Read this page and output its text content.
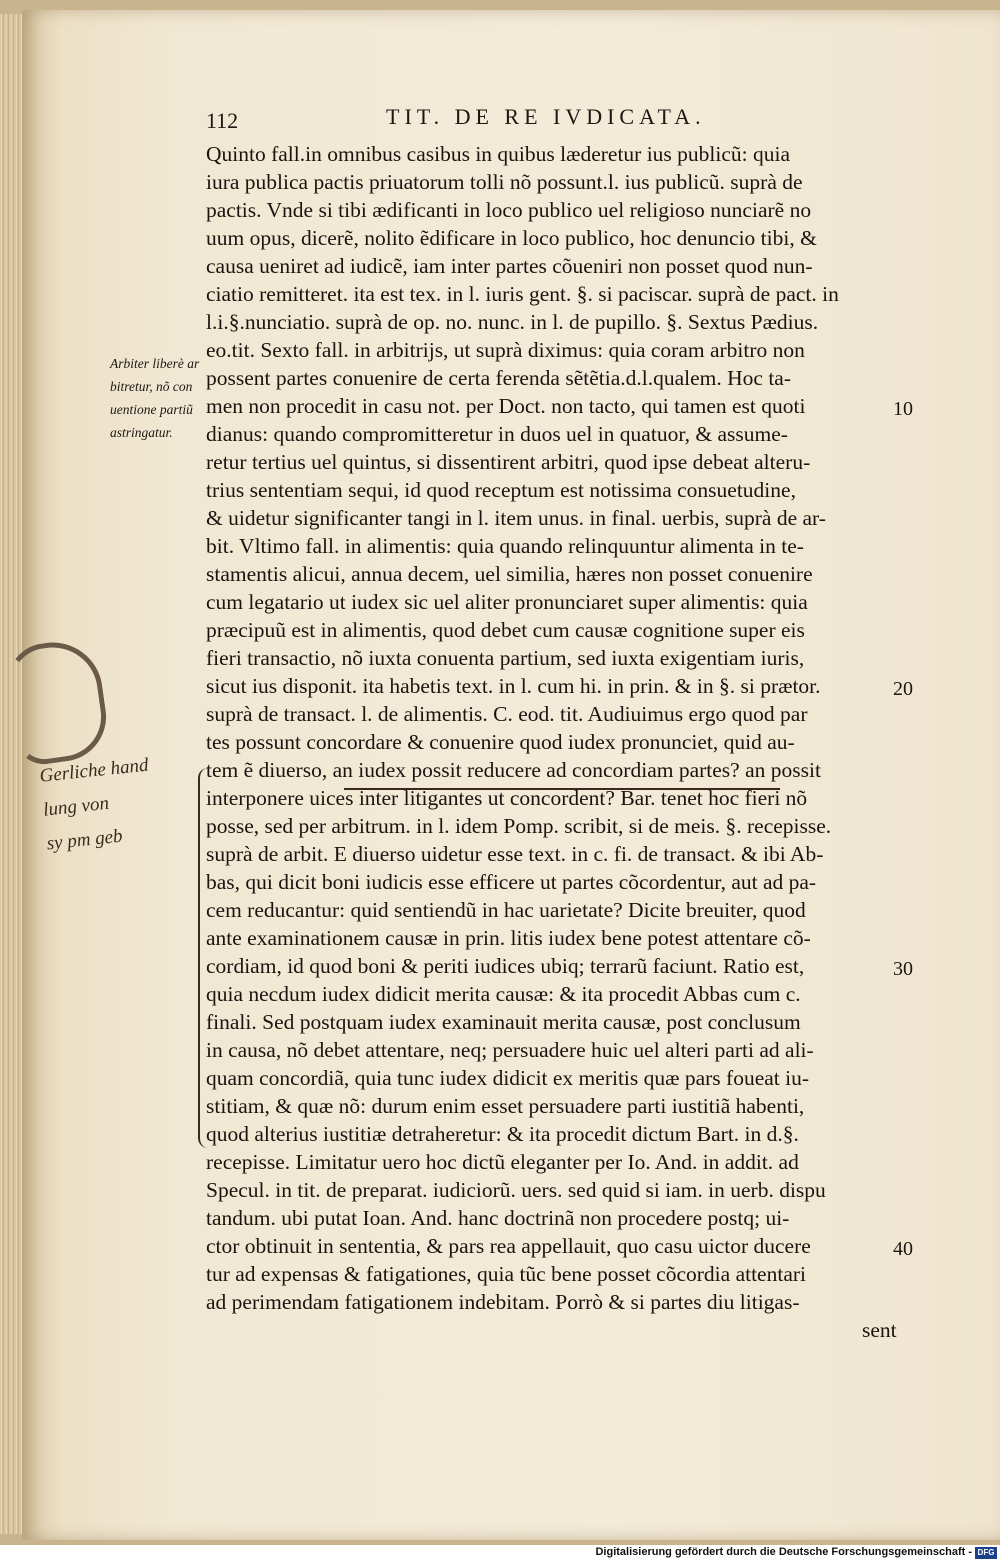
112	TIT. DE RE IVDICATA.
Arbiter liberè ar
bitretur, nõ con
uentione partiũ
astringatur.
Gerliche hand
lung von
sy pm geb
Quinto fall.in omnibus casibus in quibus læderetur ius publicũ: quia
iura publica pactis priuatorum tolli nõ possunt.l. ius publicũ. suprà de
pactis. Vnde si tibi ædificanti in loco publico uel religioso nunciarẽ no
uum opus, dicerẽ, nolito ẽdificare in loco publico, hoc denuncio tibi, &
causa ueniret ad iudicẽ, iam inter partes cõueniri non posset quod nun-
ciatio remitteret. ita est tex. in l. iuris gent. §. si paciscar. suprà de pact. in
l.i.§.nunciatio. suprà de op. no. nunc. in l. de pupillo. §. Sextus Pædius.
eo.tit. Sexto fall. in arbitrijs, ut suprà diximus: quia coram arbitro non
possent partes conuenire de certa ferenda sẽtẽtia.d.l.qualem. Hoc ta-
men non procedit in casu not. per Doct. non tacto, qui tamen est quoti
dianus: quando compromitteretur in duos uel in quatuor, & assume-
retur tertius uel quintus, si dissentirent arbitri, quod ipse debeat alteru-
trius sententiam sequi, id quod receptum est notissima consuetudine,
& uidetur significanter tangi in l. item unus. in final. uerbis, suprà de ar-
bit. Vltimo fall. in alimentis: quia quando relinquuntur alimenta in te-
stamentis alicui, annua decem, uel similia, hæres non posset conuenire
cum legatario ut iudex sic uel aliter pronunciaret super alimentis: quia
præcipuũ est in alimentis, quod debet cum causæ cognitione super eis
fieri transactio, nõ iuxta conuenta partium, sed iuxta exigentiam iuris,
sicut ius disponit. ita habetis text. in l. cum hi. in prin. & in §. si prætor.
suprà de transact. l. de alimentis. C. eod. tit. Audiuimus ergo quod par
tes possunt concordare & conuenire quod iudex pronunciet, quid au-
tem ẽ diuerso, an iudex possit reducere ad concordiam partes? an possit
interponere uices inter litigantes ut concordent? Bar. tenet hoc fieri nõ
posse, sed per arbitrum. in l. idem Pomp. scribit, si de meis. §. recepisse.
suprà de arbit. E diuerso uidetur esse text. in c. fi. de transact. & ibi Ab-
bas, qui dicit boni iudicis esse efficere ut partes cõcordentur, aut ad pa-
cem reducantur: quid sentiendũ in hac uarietate? Dicite breuiter, quod
ante examinationem causæ in prin. litis iudex bene potest attentare cõ-
cordiam, id quod boni & periti iudices ubiq; terrarũ faciunt. Ratio est,
quia necdum iudex didicit merita causæ: & ita procedit Abbas cum c.
finali. Sed postquam iudex examinauit merita causæ, post conclusum
in causa, nõ debet attentare, neq; persuadere huic uel alteri parti ad ali-
quam concordiã, quia tunc iudex didicit ex meritis quæ pars foueat iu-
stitiam, & quæ nõ: durum enim esset persuadere parti iustitiã habenti,
quod alterius iustitiæ detraheretur: & ita procedit dictum Bart. in d.§.
recepisse. Limitatur uero hoc dictũ eleganter per Io. And. in addit. ad
Specul. in tit. de preparat. iudiciorũ. uers. sed quid si iam. in uerb. dispu
tandum. ubi putat Ioan. And. hanc doctrinã non procedere postq; ui-
ctor obtinuit in sententia, & pars rea appellauit, quo casu uictor ducere
tur ad expensas & fatigationes, quia tũc bene posset cõcordia attentari
ad perimendam fatigationem indebitam. Porrò & si partes diu litigas-
sent
10
20
30
40
Digitalisierung gefördert durch die Deutsche Forschungsgemeinschaft - DFG
